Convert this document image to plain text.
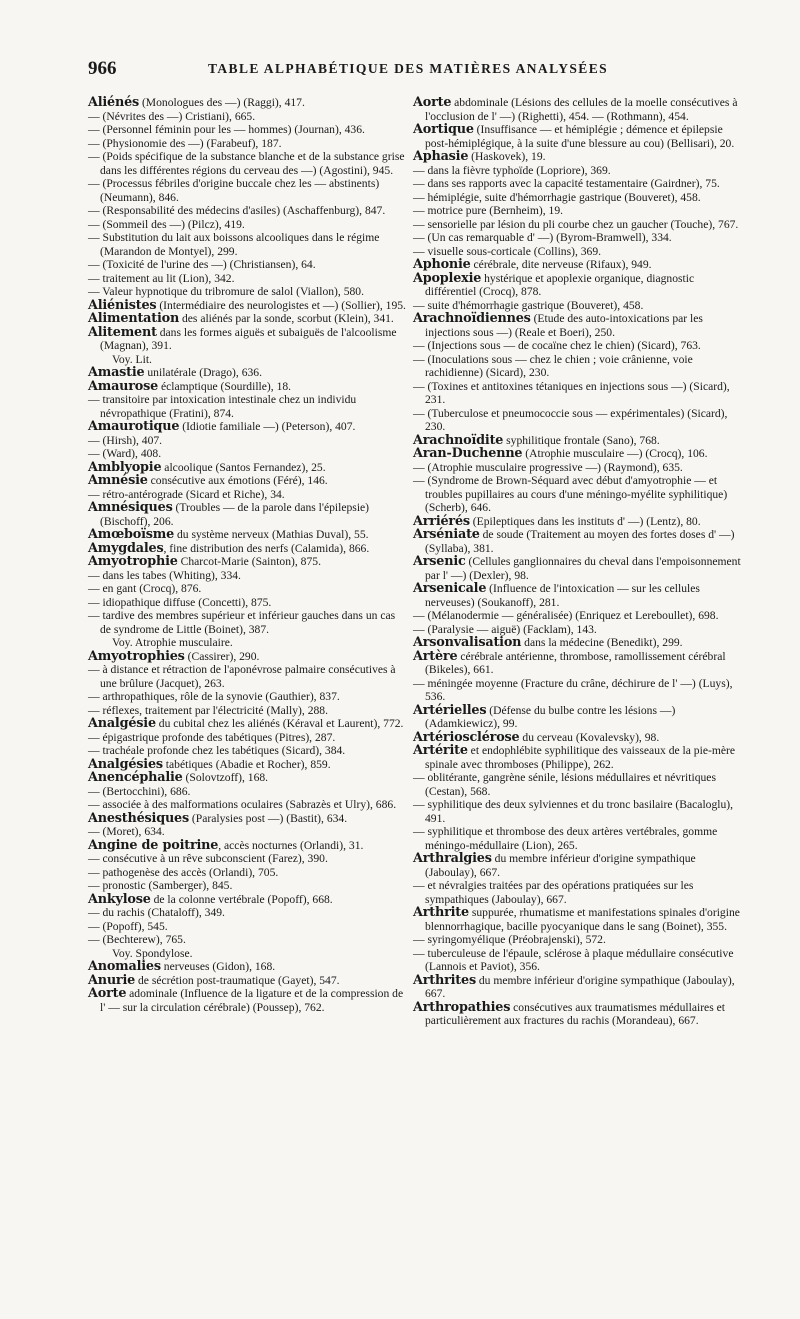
966	TABLE ALPHABÉTIQUE DES MATIÈRES ANALYSÉES

Aliénés (Monologues des —) (Raggi), 417.

— (Névrites des —) Cristiani), 665.

— (Personnel féminin pour les — hommes) (Journan), 436.

— (Physionomie des —) (Farabeuf), 187.

— (Poids spécifique de la substance blanche et de la substance grise dans les différentes régions du cerveau des —) (Agostini), 945.

— (Processus fébriles d'origine buccale chez les — abstinents) (Neumann), 846.

— (Responsabilité des médecins d'asiles) (Aschaffenburg), 847.

— (Sommeil des —) (Pilcz), 419.

— Substitution du lait aux boissons alcooliques dans le régime (Marandon de Montyel), 299.

— (Toxicité de l'urine des —) (Christiansen), 64.

— traitement au lit (Lion), 342.

— Valeur hypnotique du tribromure de salol (Viallon), 580.

Aliénistes (Intermédiaire des neurologistes et —) (Sollier), 195.

Alimentation des aliénés par la sonde, scorbut (Klein), 341.

Alitement dans les formes aiguës et subaiguës de l'alcoolisme (Magnan), 391.

Voy. Lit.

Amastie unilatérale (Drago), 636.

Amaurose éclamptique (Sourdille), 18.

— transitoire par intoxication intestinale chez un individu névropathique (Fratini), 874.

Amaurotique (Idiotie familiale —) (Peterson), 407.

— (Hirsh), 407.

— (Ward), 408.

Amblyopie alcoolique (Santos Fernandez), 25.

Amnésie consécutive aux émotions (Féré), 146.

— rétro-antérograde (Sicard et Riche), 34.

Amnésiques (Troubles — de la parole dans l'épilepsie) (Bischoff), 206.

Amœboïsme du système nerveux (Mathias Duval), 55.

Amygdales, fine distribution des nerfs (Calamida), 866.

Amyotrophie Charcot-Marie (Sainton), 875.

— dans les tabes (Whiting), 334.

— en gant (Crocq), 876.

— idiopathique diffuse (Concetti), 875.

— tardive des membres supérieur et inférieur gauches dans un cas de syndrome de Little (Boinet), 387.

Voy. Atrophie musculaire.

Amyotrophies (Cassirer), 290.

— à distance et rétraction de l'aponévrose palmaire consécutives à une brûlure (Jacquet), 263.

— arthropathiques, rôle de la synovie (Gauthier), 837.

— réflexes, traitement par l'électricité (Mally), 288.

Analgésie du cubital chez les aliénés (Kéraval et Laurent), 772.

— épigastrique profonde des tabétiques (Pitres), 287.

— trachéale profonde chez les tabétiques (Sicard), 384.

Analgésies tabétiques (Abadie et Rocher), 859.

Anencéphalie (Solovtzoff), 168.

— (Bertocchini), 686.

— associée à des malformations oculaires (Sabrazès et Ulry), 686.

Anesthésiques (Paralysies post —) (Bastit), 634.

— (Moret), 634.

Angine de poitrine, accès nocturnes (Orlandi), 31.

— consécutive à un rêve subconscient (Farez), 390.

— pathogenèse des accès (Orlandi), 705.

— pronostic (Samberger), 845.

Ankylose de la colonne vertébrale (Popoff), 668.

— du rachis (Chataloff), 349.

— (Popoff), 545.

— (Bechterew), 765.

Voy. Spondylose.

Anomalies nerveuses (Gidon), 168.

Anurie de sécrétion post-traumatique (Gayet), 547.

Aorte adominale (Influence de la ligature et de la compression de l' — sur la circulation cérébrale) (Poussep), 762.

Aorte abdominale (Lésions des cellules de la moelle consécutives à l'occlusion de l' —) (Righetti), 454. — (Rothmann), 454.

Aortique (Insuffisance — et hémiplégie ; démence et épilepsie post-hémiplégique, à la suite d'une blessure au cou) (Bellisari), 20.

Aphasie (Haskovek), 19.

— dans la fièvre typhoïde (Lopriore), 369.

— dans ses rapports avec la capacité testamentaire (Gairdner), 75.

— hémiplégie, suite d'hémorrhagie gastrique (Bouveret), 458.

— motrice pure (Bernheim), 19.

— sensorielle par lésion du pli courbe chez un gaucher (Touche), 767.

— (Un cas remarquable d' —) (Byrom-Bramwell), 334.

— visuelle sous-corticale (Collins), 369.

Aphonie cérébrale, dite nerveuse (Rifaux), 949.

Apoplexie hystérique et apoplexie organique, diagnostic différentiel (Crocq), 878.

— suite d'hémorrhagie gastrique (Bouveret), 458.

Arachnoïdiennes (Etude des auto-intoxications par les injections sous —) (Reale et Boeri), 250.

— (Injections sous — de cocaïne chez le chien) (Sicard), 763.

— (Inoculations sous — chez le chien ; voie crânienne, voie rachidienne) (Sicard), 230.

— (Toxines et antitoxines tétaniques en injections sous —) (Sicard), 231.

— (Tuberculose et pneumococcie sous — expérimentales) (Sicard), 230.

Arachnoïdite syphilitique frontale (Sano), 768.

Aran-Duchenne (Atrophie musculaire —) (Crocq), 106.

— (Atrophie musculaire progressive —) (Raymond), 635.

— (Syndrome de Brown-Séquard avec début d'amyotrophie — et troubles pupillaires au cours d'une méningo-myélite syphilitique) (Scherb), 646.

Arriérés (Epileptiques dans les instituts d' —) (Lentz), 80.

Arséniate de soude (Traitement au moyen des fortes doses d' —) (Syllaba), 381.

Arsenic (Cellules ganglionnaires du cheval dans l'empoisonnement par l' —) (Dexler), 98.

Arsenicale (Influence de l'intoxication — sur les cellules nerveuses) (Soukanoff), 281.

— (Mélanodermie — généralisée) (Enriquez et Lereboullet), 698.

— (Paralysie — aiguë) (Facklam), 143.

Arsonvalisation dans la médecine (Benedikt), 299.

Artère cérébrale antérienne, thrombose, ramollissement cérébral (Bikeles), 661.

— méningée moyenne (Fracture du crâne, déchirure de l' —) (Luys), 536.

Artérielles (Défense du bulbe contre les lésions —) (Adamkiewicz), 99.

Artériosclérose du cerveau (Kovalevsky), 98.

Artérite et endophlébite syphilitique des vaisseaux de la pie-mère spinale avec thromboses (Philippe), 262.

— oblitérante, gangrène sénile, lésions médullaires et névritiques (Cestan), 568.

— syphilitique des deux sylviennes et du tronc basilaire (Bacaloglu), 491.

— syphilitique et thrombose des deux artères vertébrales, gomme méningo-médullaire (Lion), 265.

Arthralgies du membre inférieur d'origine sympathique (Jaboulay), 667.

— et névralgies traitées par des opérations pratiquées sur les sympathiques (Jaboulay), 667.

Arthrite suppurée, rhumatisme et manifestations spinales d'origine blennorrhagique, bacille pyocyanique dans le sang (Boinet), 355.

— syringomyélique (Préobrajenski), 572.

— tuberculeuse de l'épaule, sclérose à plaque médullaire consécutive (Lannois et Paviot), 356.

Arthrites du membre inférieur d'origine sympathique (Jaboulay), 667.

Arthropathies consécutives aux traumatismes médullaires et particulièrement aux fractures du rachis (Morandeau), 667.
